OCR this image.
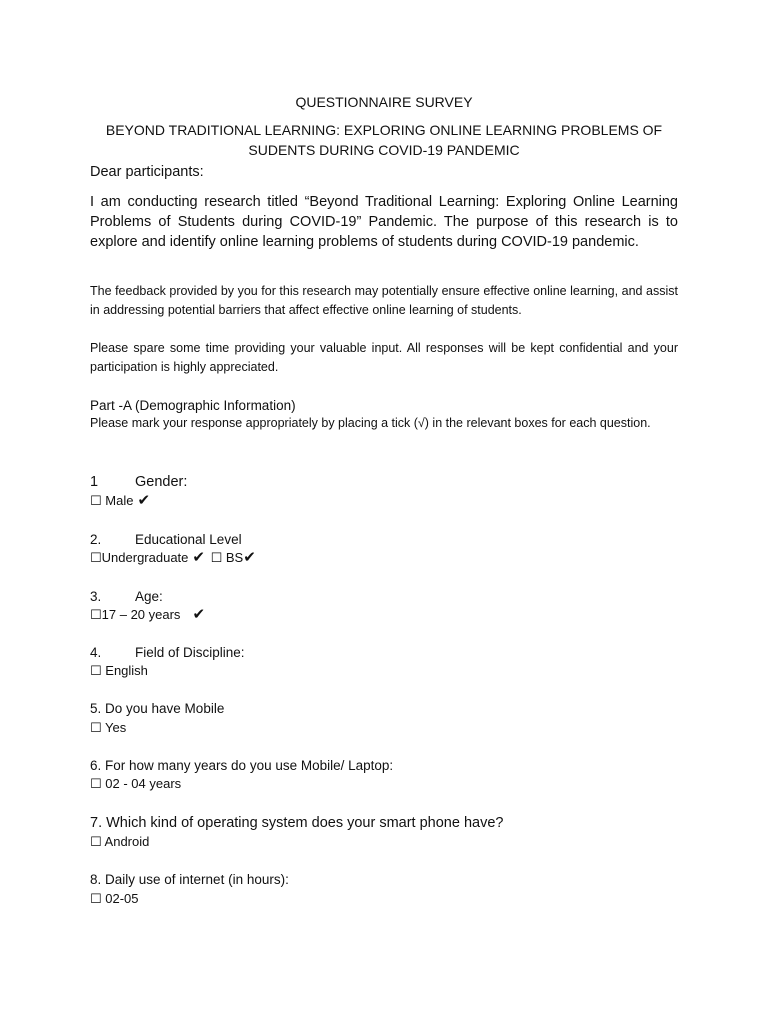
QUESTIONNAIRE SURVEY
BEYOND TRADITIONAL LEARNING: EXPLORING ONLINE LEARNING PROBLEMS OF SUDENTS DURING COVID-19 PANDEMIC
Dear participants:
I am conducting research titled “Beyond Traditional Learning: Exploring Online Learning Problems of Students during COVID-19” Pandemic. The purpose of this research is to explore and identify online learning problems of students during COVID-19 pandemic.
The feedback provided by you for this research may potentially ensure effective online learning, and assist in addressing potential barriers that affect effective online learning of students.
Please spare some time providing your valuable input. All responses will be kept confidential and your participation is highly appreciated.
Part -A (Demographic Information)
Please mark your response appropriately by placing a tick (√) in the relevant boxes for each question.
1	Gender:
☐ Male ✔
2. Educational Level
☐Undergraduate ✔ ☐ BS✔
3. Age:
☐17 – 20 years ✔
4. Field of Discipline:
☐ English
5. Do you have Mobile
☐ Yes
6. For how many years do you use Mobile/ Laptop:
☐ 02 - 04 years
7. Which kind of operating system does your smart phone have?
☐ Android
8. Daily use of internet (in hours):
☐ 02-05
